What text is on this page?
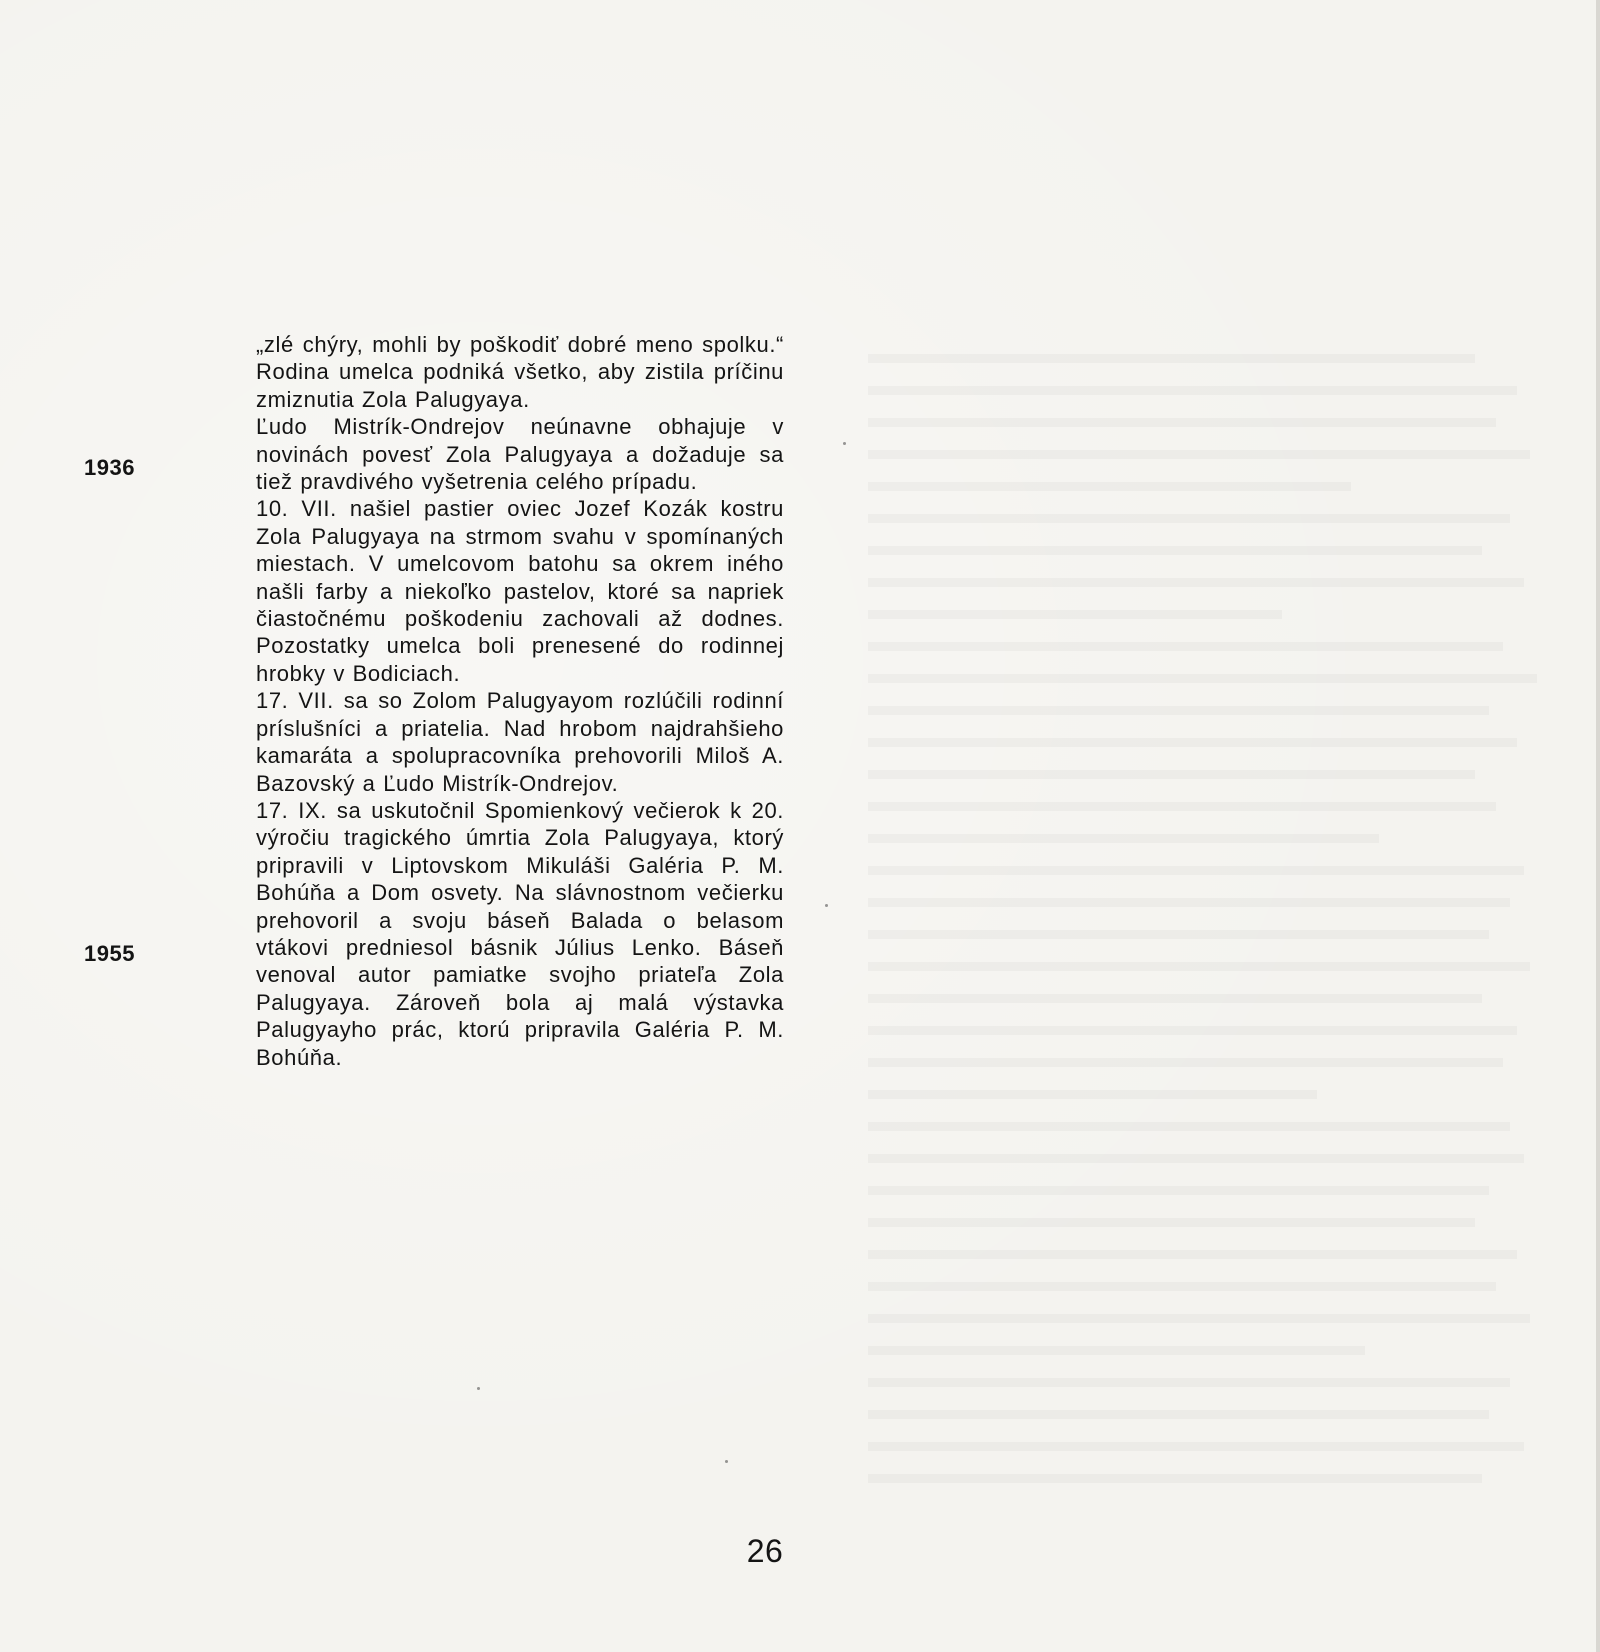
1936

1955

„zlé chýry, mohli by poškodiť dobré meno spolku.“ Rodina umelca podniká všetko, aby zistila príčinu zmiznutia Zola Palugyaya.

Ľudo Mistrík-Ondrejov neúnavne obhajuje v novinách povesť Zola Palugyaya a dožaduje sa tiež pravdivého vyšetrenia celého prípadu.

10. VII. našiel pastier oviec Jozef Kozák kostru Zola Palugyaya na strmom svahu v spomínaných miestach. V umelcovom batohu sa okrem iného našli farby a niekoľko pastelov, ktoré sa napriek čiastočnému poškodeniu zachovali až dodnes. Pozostatky umelca boli prenesené do rodinnej hrobky v Bodiciach.

17. VII. sa so Zolom Palugyayom rozlúčili rodinní príslušníci a priatelia. Nad hrobom najdrahšieho kamaráta a spolupracovníka prehovorili Miloš A. Bazovský a Ľudo Mistrík-Ondrejov.

17. IX. sa uskutočnil Spomienkový večierok k 20. výročiu tragického úmrtia Zola Palugyaya, ktorý pripravili v Liptovskom Mikuláši Galéria P. M. Bohúňa a Dom osvety. Na slávnostnom večierku prehovoril a svoju báseň Balada o belasom vtákovi predniesol básnik Július Lenko. Báseň venoval autor pamiatke svojho priateľa Zola Palugyaya. Zároveň bola aj malá výstavka Palugyayho prác, ktorú pripravila Galéria P. M. Bohúňa.

26
